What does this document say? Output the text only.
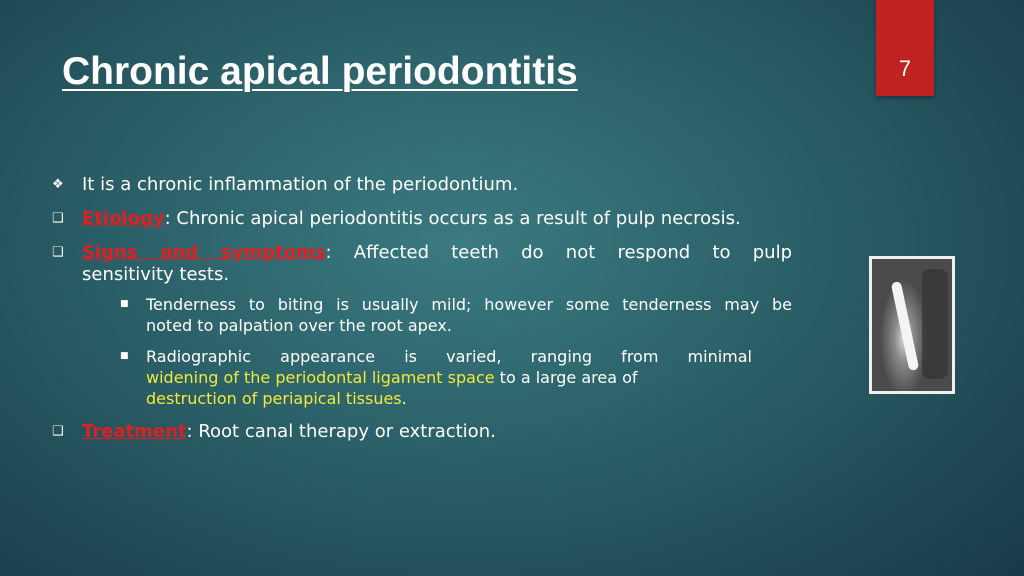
Chronic apical periodontitis	7
❖	It is a chronic inflammation of the periodontium.
❑	Etiology: Chronic apical periodontitis occurs as a result of pulp necrosis.
❑	Signs and symptoms: Affected teeth do not respond to pulp
sensitivity tests.
■ Tenderness to biting is usually mild; however some tenderness may be
noted to palpation over the root apex.
■ Radiographic appearance is varied, ranging from minimal
widening of the periodontal ligament space to a large area of
destruction of periapical tissues.
❑	Treatment: Root canal therapy or extraction.
